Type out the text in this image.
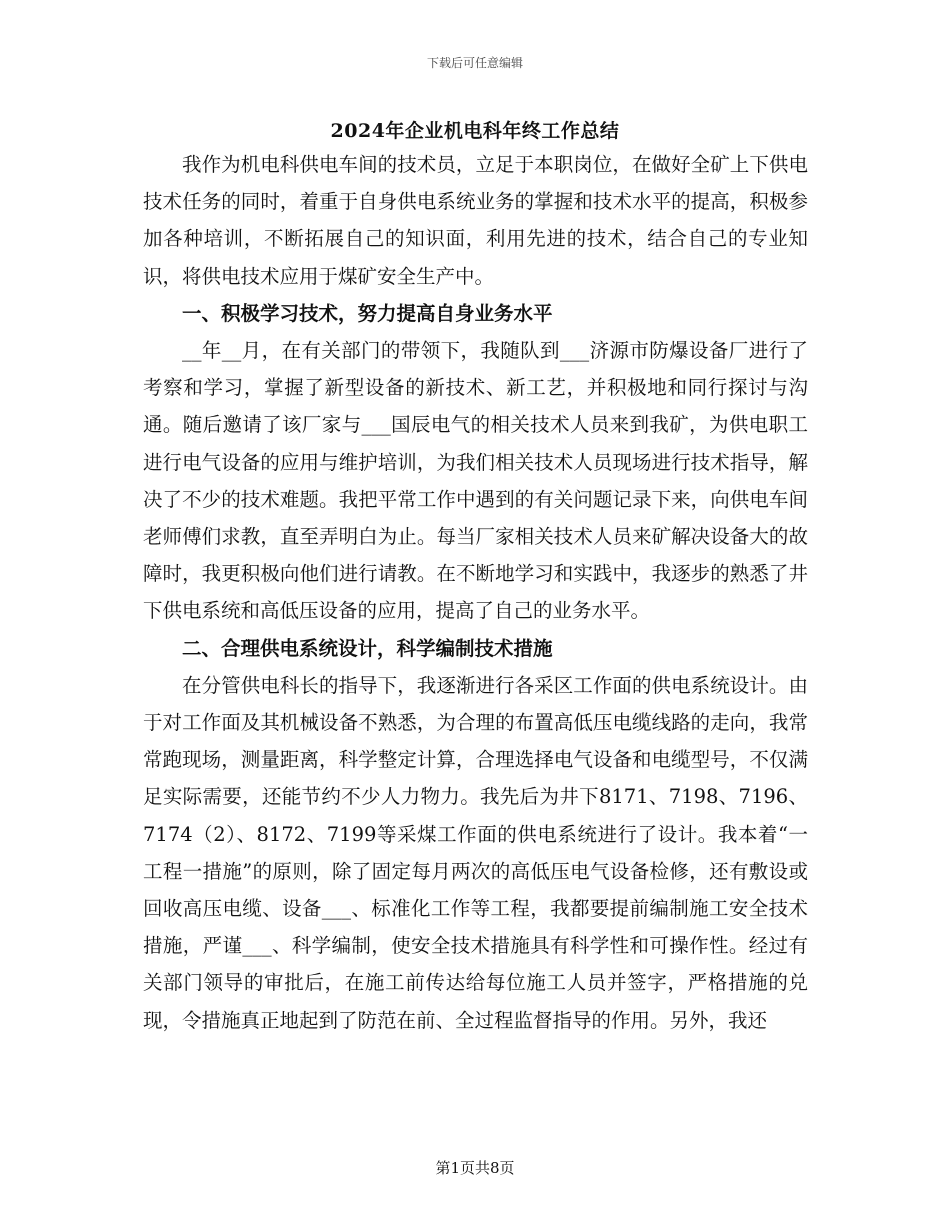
下载后可任意编辑
2024年企业机电科年终工作总结

我作为机电科供电车间的技术员，立足于本职岗位，在做好全矿上下供电技术任务的同时，着重于自身供电系统业务的掌握和技术水平的提高，积极参加各种培训，不断拓展自己的知识面，利用先进的技术，结合自己的专业知识，将供电技术应用于煤矿安全生产中。

一、积极学习技术，努力提高自身业务水平

__年__月，在有关部门的带领下，我随队到___济源市防爆设备厂进行了考察和学习，掌握了新型设备的新技术、新工艺，并积极地和同行探讨与沟通。随后邀请了该厂家与___国辰电气的相关技术人员来到我矿，为供电职工进行电气设备的应用与维护培训，为我们相关技术人员现场进行技术指导，解决了不少的技术难题。我把平常工作中遇到的有关问题记录下来，向供电车间老师傅们求教，直至弄明白为止。每当厂家相关技术人员来矿解决设备大的故障时，我更积极向他们进行请教。在不断地学习和实践中，我逐步的熟悉了井下供电系统和高低压设备的应用，提高了自己的业务水平。

二、合理供电系统设计，科学编制技术措施

在分管供电科长的指导下，我逐渐进行各采区工作面的供电系统设计。由于对工作面及其机械设备不熟悉，为合理的布置高低压电缆线路的走向，我常常跑现场，测量距离，科学整定计算，合理选择电气设备和电缆型号，不仅满足实际需要，还能节约不少人力物力。我先后为井下8171、7198、7196、7174（2）、8172、7199等采煤工作面的供电系统进行了设计。我本着“一工程一措施”的原则，除了固定每月两次的高低压电气设备检修，还有敷设或回收高压电缆、设备___、标准化工作等工程，我都要提前编制施工安全技术措施，严谨___、科学编制，使安全技术措施具有科学性和可操作性。经过有关部门领导的审批后，在施工前传达给每位施工人员并签字，严格措施的兑现，令措施真正地起到了防范在前、全过程监督指导的作用。另外，我还

第1页共8页
